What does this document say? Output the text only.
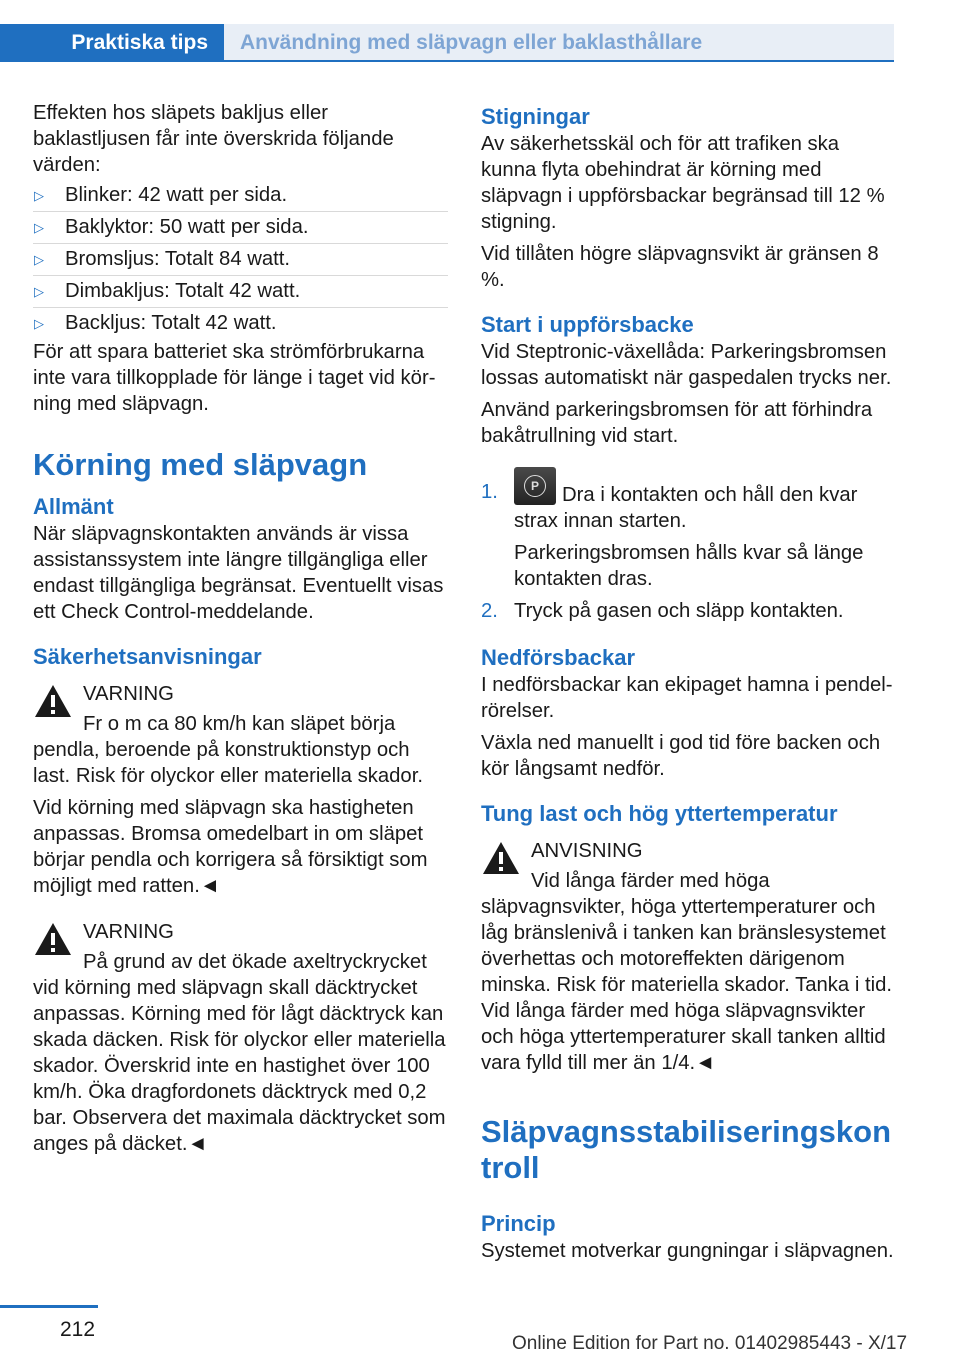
Praktiska tips	Användning med släpvagn eller baklasthållare

Effekten hos släpets bakljus eller baklastljusen får inte överskrida följande värden:

▷ Blinker: 42 watt per sida.
▷ Baklyktor: 50 watt per sida.
▷ Bromsljus: Totalt 84 watt.
▷ Dimbakljus: Totalt 42 watt.
▷ Backljus: Totalt 42 watt.

För att spara batteriet ska strömförbrukarna inte vara tillkopplade för länge i taget vid körning med släpvagn.

Körning med släpvagn
Allmänt

När släpvagnskontakten används är vissa assistanssystem inte längre tillgängliga eller endast tillgängliga begränsat. Eventuellt visas ett Check Control-meddelande.

Säkerhetsanvisningar

VARNING

Fr o m ca 80 km/h kan släpet börja pendla, beroende på konstruktionstyp och last. Risk för olyckor eller materiella skador.

Vid körning med släpvagn ska hastigheten anpassas. Bromsa omedelbart in om släpet börjar pendla och korrigera så försiktigt som möjligt med ratten.◄

VARNING

På grund av det ökade axeltryckrycket vid körning med släpvagn skall däcktrycket anpassas. Körning med för lågt däcktryck kan skada däcken. Risk för olyckor eller materiella skador. Överskrid inte en hastighet över 100 km/h. Öka dragfordonets däcktryck med 0,2 bar. Observera det maximala däcktrycket som anges på däcket.◄

Stigningar

Av säkerhetsskäl och för att trafiken ska kunna flyta obehindrat är körning med släpvagn i uppförsbackar begränsad till 12 % stigning.

Vid tillåten högre släpvagnsvikt är gränsen 8 %.

Start i uppförsbacke

Vid Steptronic-växellåda: Parkeringsbromsen lossas automatiskt när gaspedalen trycks ner.

Använd parkeringsbromsen för att förhindra bakåtrullning vid start.

1.	P	Dra i kontakten och håll den kvar strax innan starten.

Parkeringsbromsen hålls kvar så länge kontakten dras.

2. Tryck på gasen och släpp kontakten.
Nedförsbackar

I nedförsbackar kan ekipaget hamna i pendelrörelser.

Växla ned manuellt i god tid före backen och kör långsamt nedför.

Tung last och hög yttertemperatur

ANVISNING

Vid långa färder med höga släpvagnsvikter, höga yttertemperaturer och låg bränslenivå i tanken kan bränslesystemet överhettas och motoreffekten därigenom minska. Risk för materiella skador. Tanka i tid. Vid långa färder med höga släpvagnsvikter och höga yttertemperaturer skall tanken alltid vara fylld till mer än 1/4.◄

Släpvagnsstabiliseringskontroll
Princip

Systemet motverkar gungningar i släpvagnen.

212
Online Edition for Part no. 01402985443 - X/17
